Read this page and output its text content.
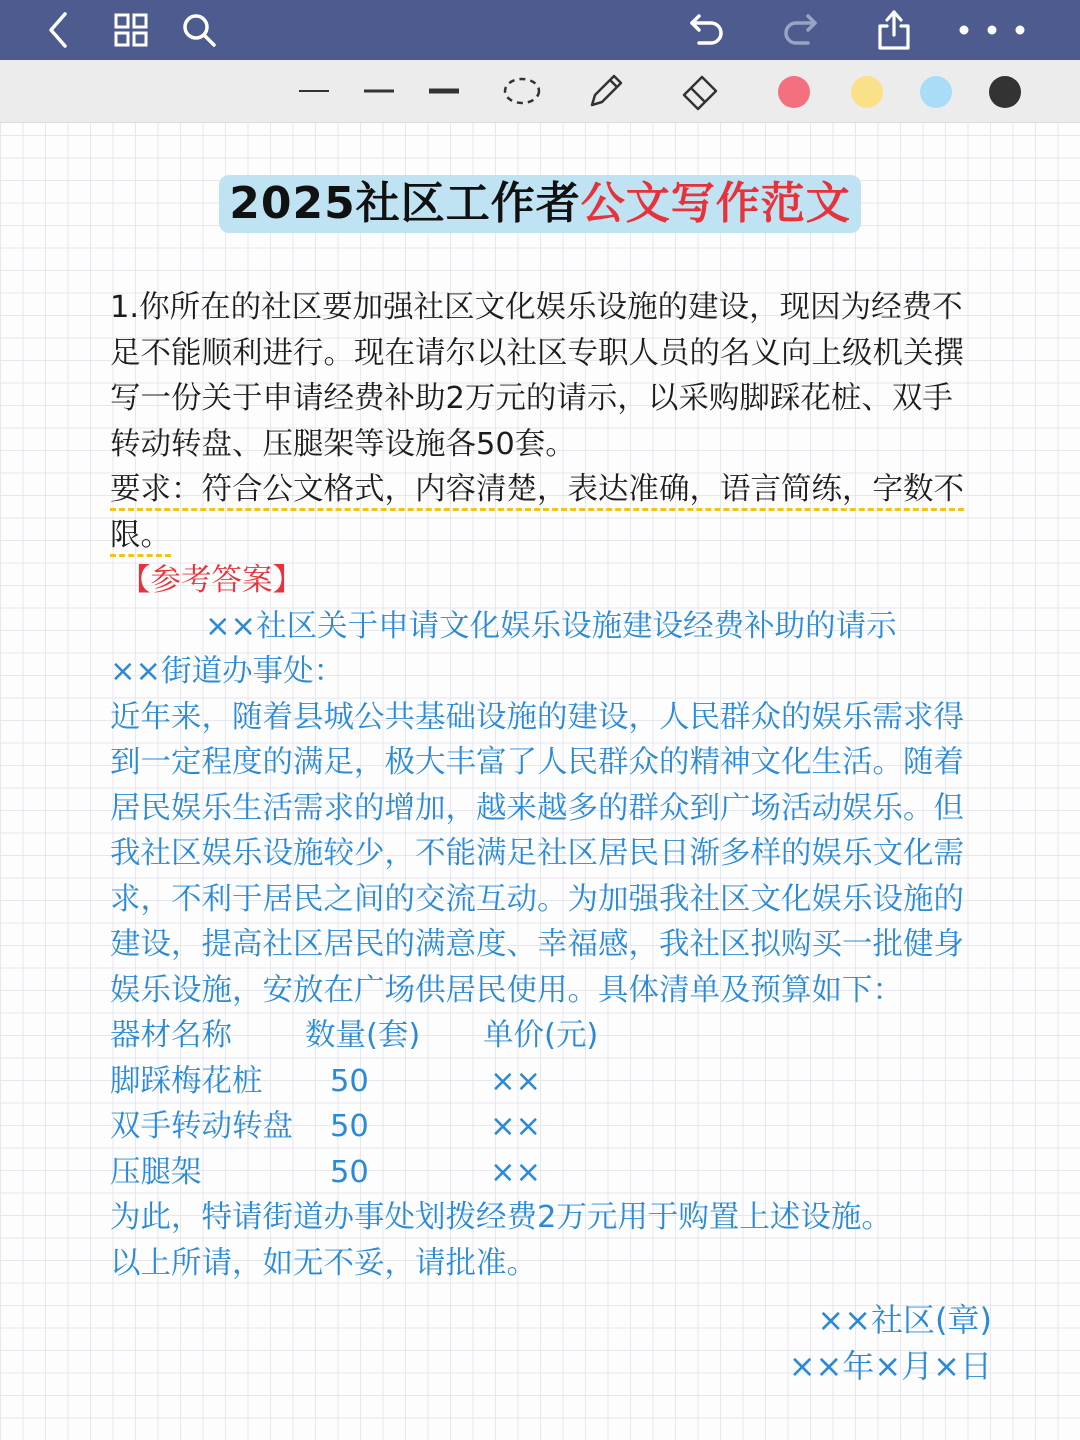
2025社区工作者公文写作范文
1.你所在的社区要加强社区文化娱乐设施的建设，现因为经费不
足不能顺利进行。现在请尔以社区专职人员的名义向上级机关撰
写一份关于申请经费补助2万元的请示，以采购脚踩花桩、双手
转动转盘、压腿架等设施各50套。
要求：符合公文格式，内容清楚，表达准确，语言简练，字数不
限。
【参考答案】
××社区关于申请文化娱乐设施建设经费补助的请示
××街道办事处：
近年来，随着县城公共基础设施的建设，人民群众的娱乐需求得
到一定程度的满足，极大丰富了人民群众的精神文化生活。随着
居民娱乐生活需求的增加，越来越多的群众到广场活动娱乐。但
我社区娱乐设施较少，不能满足社区居民日渐多样的娱乐文化需
求，不利于居民之间的交流互动。为加强我社区文化娱乐设施的
建设，提高社区居民的满意度、幸福感，我社区拟购买一批健身
娱乐设施，安放在广场供居民使用。具体清单及预算如下：
器材名称	数量(套)	单价(元)
脚踩梅花桩	50	××
双手转动转盘	50	××
压腿架	50	××
为此，特请街道办事处划拨经费2万元用于购置上述设施。
以上所请，如无不妥，请批准。
××社区(章)
××年×月×日
